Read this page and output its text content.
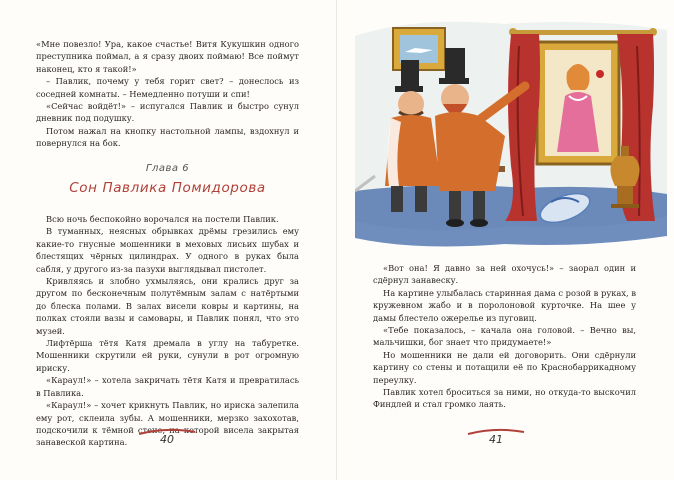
«Мне повезло! Ура, какое счастье! Витя Кукушкин одного преступника поймал, а я сразу двоих поймаю! Все поймут наконец, кто я такой!»

– Павлик, почему у тебя горит свет? – донеслось из соседней комнаты. – Немедленно потуши и спи!

«Сейчас войдёт!» – испугался Павлик и быстро сунул дневник под подушку.

Потом нажал на кнопку настольной лампы, вздохнул и повернулся на бок.

Глава 6
Сон Павлика Помидорова

Всю ночь беспокойно ворочался на постели Павлик.

В туманных, неясных обрывках дрёмы грезились ему какие-то гнусные мошенники в меховых лисьих шубах и блестящих чёрных цилиндрах. У одного в руках была сабля, у другого из-за пазухи выглядывал пистолет.

Кривляясь и злобно ухмыляясь, они крались друг за другом по бесконечным полутёмным залам с натёртыми до блеска полами. В залах висели ковры и картины, на полках стояли вазы и самовары, и Павлик понял, что это музей.

Лифтёрша тётя Катя дремала в углу на табуретке. Мошенники скрутили ей руки, сунули в рот огромную ириску.

«Караул!» – хотела закричать тётя Катя и превратилась в Павлика.

«Караул!» – хочет крикнуть Павлик, но ириска залепила ему рот, склеила зубы. А мошенники, мерзко захохотав, подскочили к тёмной стене, на которой висела закрытая занавеской картина.

«Вот она! Я давно за ней охочусь!» – заорал один и сдёрнул занавеску.

На картине улыбалась старинная дама с розой в руках, в кружевном жабо и в поролоновой курточке. На шее у дамы блестело ожерелье из пуговиц.

«Тебе показалось, – качала она головой. – Вечно вы, мальчишки, бог знает что придумаете!»

Но мошенники не дали ей договорить. Они сдёрнули картину со стены и потащили её по Краснобаррикадному переулку.

Павлик хотел броситься за ними, но откуда-то выскочил Финдлей и стал громко лаять.

40	41
